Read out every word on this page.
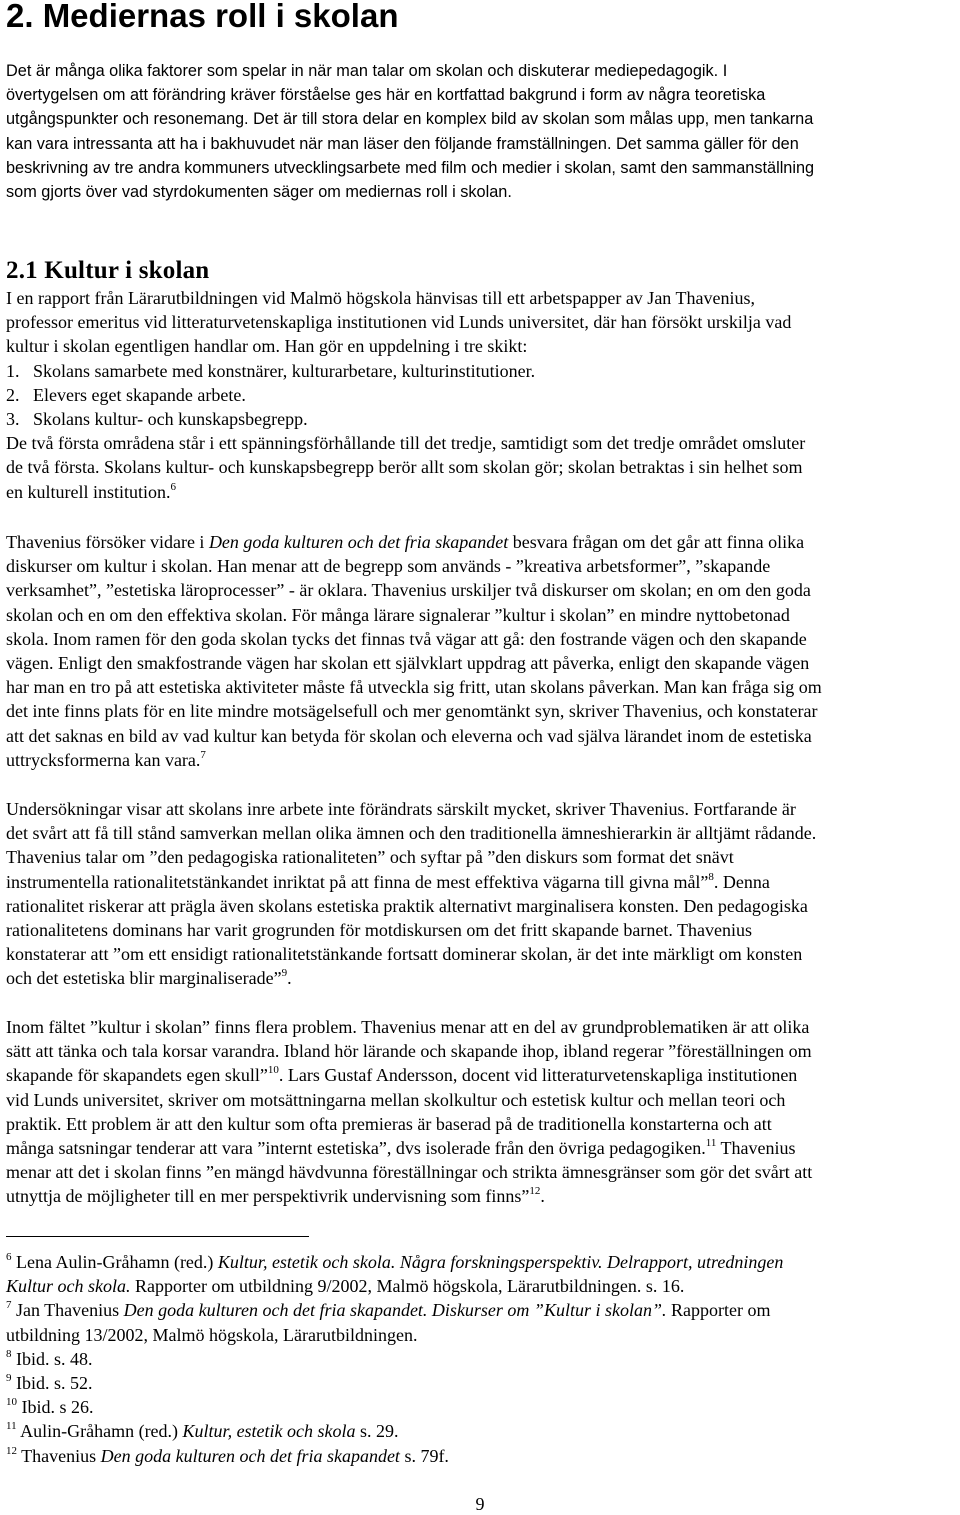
2. Mediernas roll i skolan
Det är många olika faktorer som spelar in när man talar om skolan och diskuterar mediepedagogik. I
övertygelsen om att förändring kräver förståelse ges här en kortfattad bakgrund i form av några teoretiska
utgångspunkter och resonemang. Det är till stora delar en komplex bild av skolan som målas upp, men tankarna
kan vara intressanta att ha i bakhuvudet när man läser den följande framställningen. Det samma gäller för den
beskrivning av tre andra kommuners utvecklingsarbete med film och medier i skolan, samt den sammanställning
som gjorts över vad styrdokumenten säger om mediernas roll i skolan.
2.1 Kultur i skolan
I en rapport från Lärarutbildningen vid Malmö högskola hänvisas till ett arbetspapper av Jan Thavenius,
professor emeritus vid litteraturvetenskapliga institutionen vid Lunds universitet, där han försökt urskilja vad
kultur i skolan egentligen handlar om. Han gör en uppdelning i tre skikt:
1. Skolans samarbete med konstnärer, kulturarbetare, kulturinstitutioner.
2. Elevers eget skapande arbete.
3. Skolans kultur- och kunskapsbegrepp.
De två första områdena står i ett spänningsförhållande till det tredje, samtidigt som det tredje området omsluter
de två första. Skolans kultur- och kunskapsbegrepp berör allt som skolan gör; skolan betraktas i sin helhet som
en kulturell institution.$^6$
Thavenius försöker vidare i Den goda kulturen och det fria skapandet besvara frågan om det går att finna olika
diskurser om kultur i skolan. Han menar att de begrepp som används - ”kreativa arbetsformer”, ”skapande
verksamhet”, ”estetiska läroprocesser” - är oklara. Thavenius urskiljer två diskurser om skolan; en om den goda
skolan och en om den effektiva skolan. För många lärare signalerar ”kultur i skolan” en mindre nyttobetonad
skola. Inom ramen för den goda skolan tycks det finnas två vägar att gå: den fostrande vägen och den skapande
vägen. Enligt den smakfostrande vägen har skolan ett självklart uppdrag att påverka, enligt den skapande vägen
har man en tro på att estetiska aktiviteter måste få utveckla sig fritt, utan skolans påverkan. Man kan fråga sig om
det inte finns plats för en lite mindre motsägelsefull och mer genomtänkt syn, skriver Thavenius, och konstaterar
att det saknas en bild av vad kultur kan betyda för skolan och eleverna och vad själva lärandet inom de estetiska
uttrycksformerna kan vara.$^7$
Undersökningar visar att skolans inre arbete inte förändrats särskilt mycket, skriver Thavenius. Fortfarande är
det svårt att få till stånd samverkan mellan olika ämnen och den traditionella ämneshierarkin är alltjämt rådande.
Thavenius talar om ”den pedagogiska rationaliteten” och syftar på ”den diskurs som format det snävt
instrumentella rationalitetstänkandet inriktat på att finna de mest effektiva vägarna till givna mål”$^8$. Denna
rationalitet riskerar att prägla även skolans estetiska praktik alternativt marginalisera konsten. Den pedagogiska
rationalitetens dominans har varit grogrunden för motdiskursen om det fritt skapande barnet. Thavenius
konstaterar att ”om ett ensidigt rationalitetstänkande fortsatt dominerar skolan, är det inte märkligt om konsten
och det estetiska blir marginaliserade”$^9$.
Inom fältet ”kultur i skolan” finns flera problem. Thavenius menar att en del av grundproblematiken är att olika
sätt att tänka och tala korsar varandra. Ibland hör lärande och skapande ihop, ibland regerar ”föreställningen om
skapande för skapandets egen skull”$^{10}$. Lars Gustaf Andersson, docent vid litteraturvetenskapliga institutionen
vid Lunds universitet, skriver om motsättningarna mellan skolkultur och estetisk kultur och mellan teori och
praktik. Ett problem är att den kultur som ofta premieras är baserad på de traditionella konstarterna och att
många satsningar tenderar att vara ”internt estetiska”, dvs isolerade från den övriga pedagogiken.$^{11}$ Thavenius
menar att det i skolan finns ”en mängd hävdvunna föreställningar och strikta ämnesgränser som gör det svårt att
utnyttja de möjligheter till en mer perspektivrik undervisning som finns”$^{12}$.
$^6$ Lena Aulin-Gråhamn (red.) Kultur, estetik och skola. Några forskningsperspektiv. Delrapport, utredningen
Kultur och skola. Rapporter om utbildning 9/2002, Malmö högskola, Lärarutbildningen. s. 16.
$^7$ Jan Thavenius Den goda kulturen och det fria skapandet. Diskurser om ”Kultur i skolan”. Rapporter om
utbildning 13/2002, Malmö högskola, Lärarutbildningen.
$^8$ Ibid. s. 48.
$^9$ Ibid. s. 52.
$^{10}$ Ibid. s 26.
$^{11}$ Aulin-Gråhamn (red.) Kultur, estetik och skola s. 29.
$^{12}$ Thavenius Den goda kulturen och det fria skapandet s. 79f.
9
